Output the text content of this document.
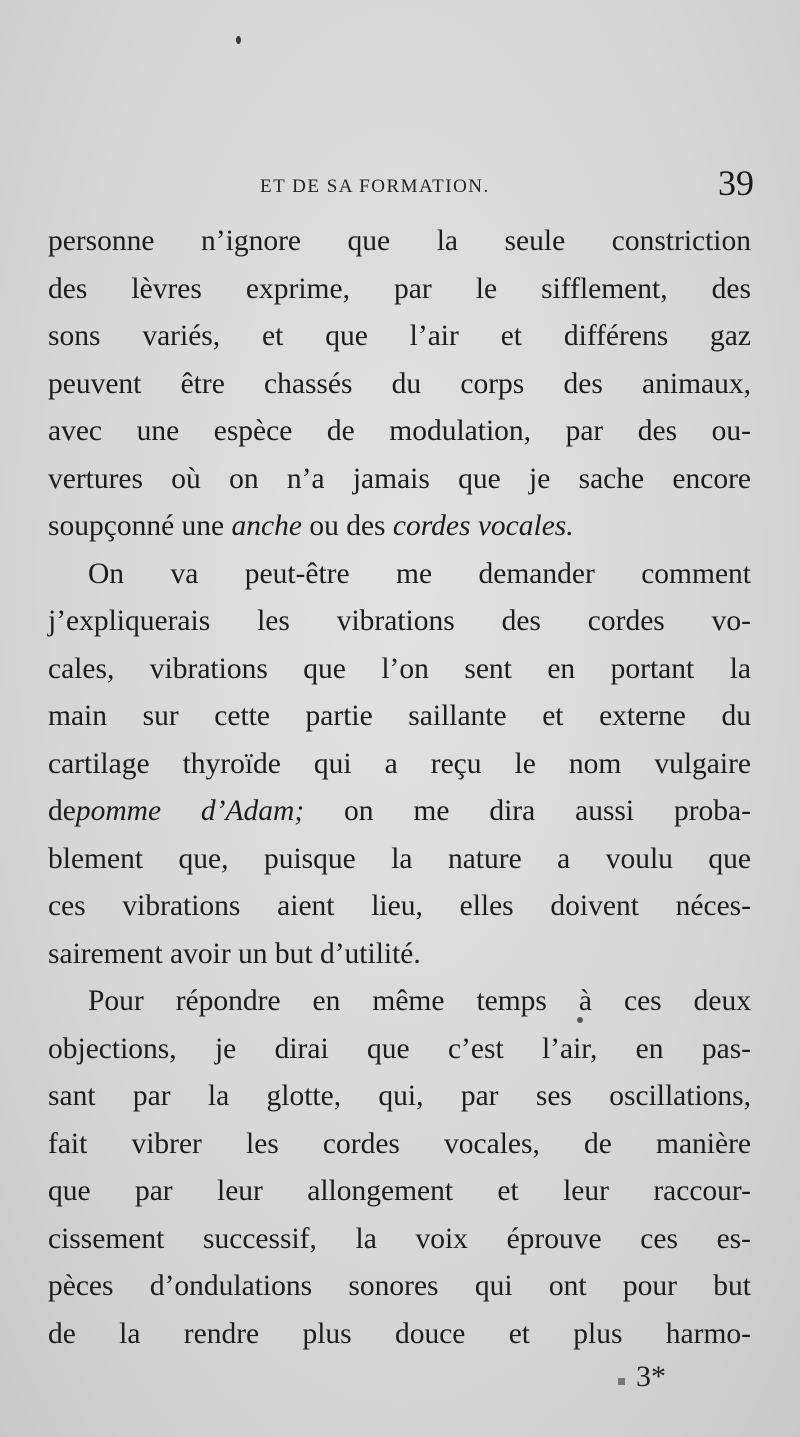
ET DE SA FORMATION.	39
personne n’ignore que la seule constriction
des lèvres exprime, par le sifflement, des
sons variés, et que l’air et différens gaz
peuvent être chassés du corps des animaux,
avec une espèce de modulation, par des ou-
vertures où on n’a jamais que je sache encore
soupçonné une anche ou des cordes vocales.
On va peut-être me demander comment
j’expliquerais les vibrations des cordes vo-
cales, vibrations que l’on sent en portant la
main sur cette partie saillante et externe du
cartilage thyroïde qui a reçu le nom vulgaire
depomme d’Adam; on me dira aussi proba-
blement que, puisque la nature a voulu que
ces vibrations aient lieu, elles doivent néces-
sairement avoir un but d’utilité.
Pour répondre en même temps à ces deux
objections, je dirai que c’est l’air, en pas-
sant par la glotte, qui, par ses oscillations,
fait vibrer les cordes vocales, de manière
que par leur allongement et leur raccour-
cissement successif, la voix éprouve ces es-
pèces d’ondulations sonores qui ont pour but
de la rendre plus douce et plus harmo-
3*
